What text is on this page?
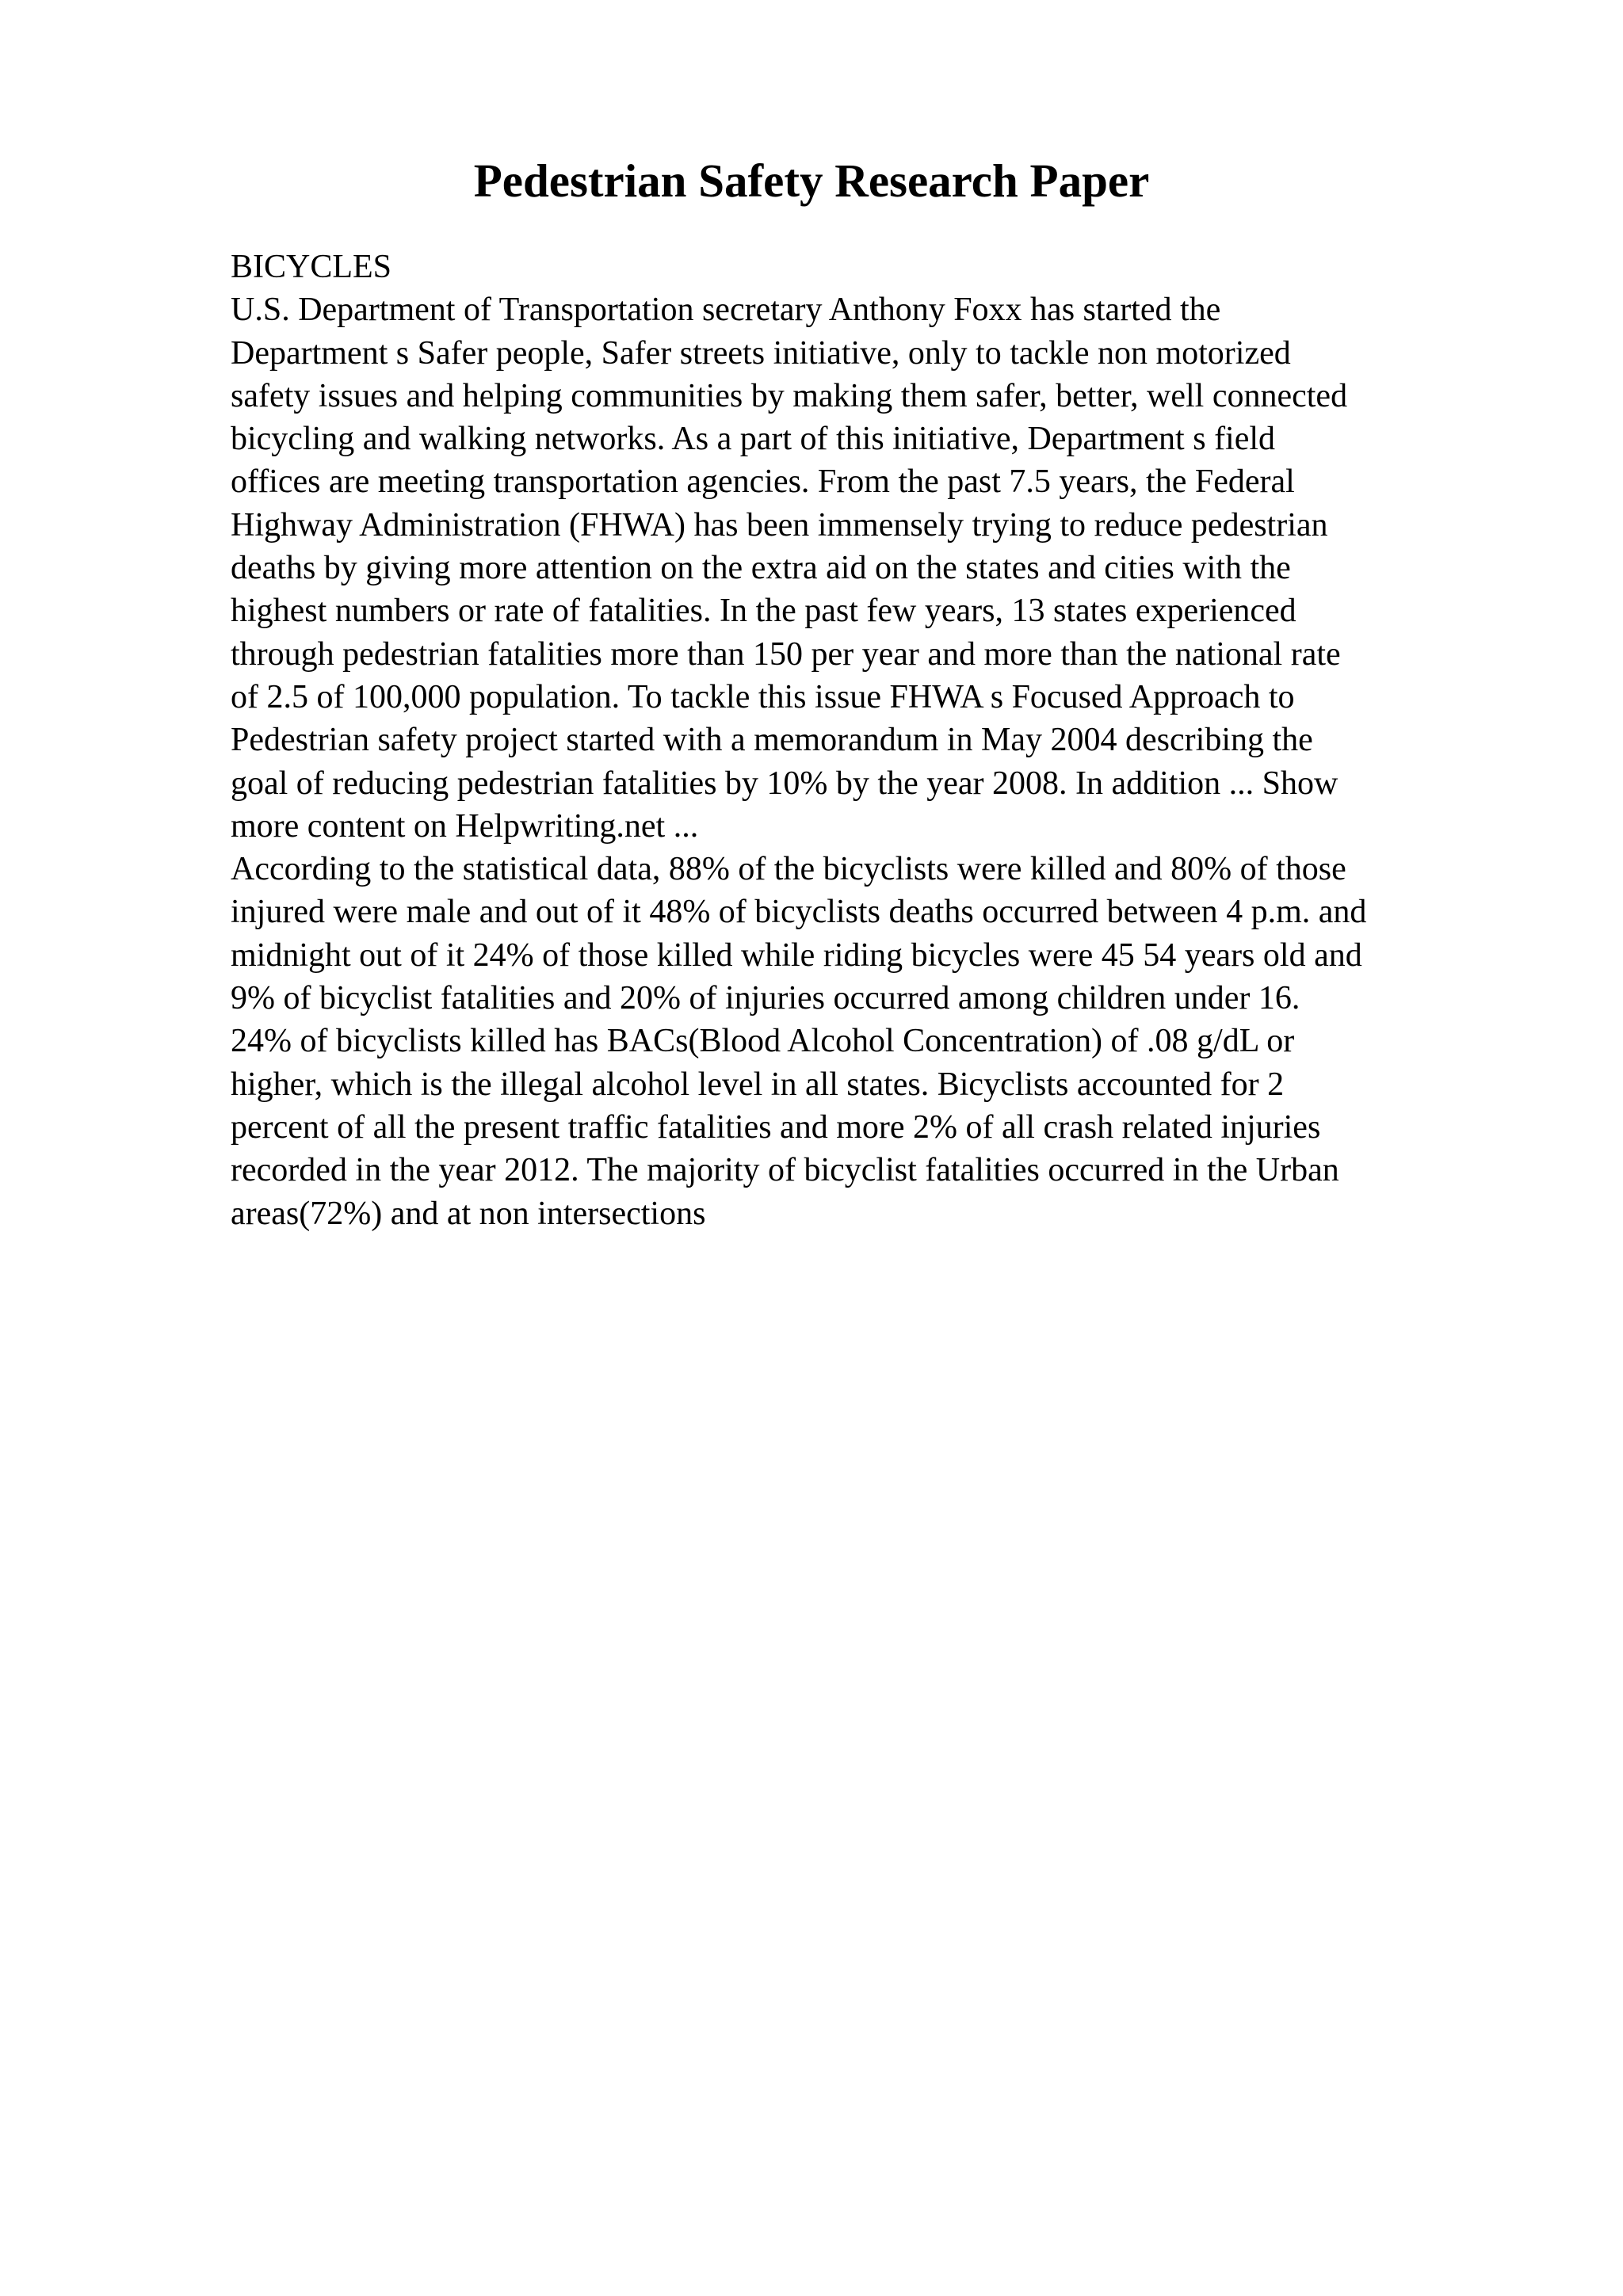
Pedestrian Safety Research Paper
BICYCLES
U.S. Department of Transportation secretary Anthony Foxx has started the
Department s Safer people, Safer streets initiative, only to tackle non motorized
safety issues and helping communities by making them safer, better, well connected
bicycling and walking networks. As a part of this initiative, Department s field
offices are meeting transportation agencies. From the past 7.5 years, the Federal
Highway Administration (FHWA) has been immensely trying to reduce pedestrian
deaths by giving more attention on the extra aid on the states and cities with the
highest numbers or rate of fatalities. In the past few years, 13 states experienced
through pedestrian fatalities more than 150 per year and more than the national rate
of 2.5 of 100,000 population. To tackle this issue FHWA s Focused Approach to
Pedestrian safety project started with a memorandum in May 2004 describing the
goal of reducing pedestrian fatalities by 10% by the year 2008. In addition ... Show
more content on Helpwriting.net ...
According to the statistical data, 88% of the bicyclists were killed and 80% of those
injured were male and out of it 48% of bicyclists deaths occurred between 4 p.m. and
midnight out of it 24% of those killed while riding bicycles were 45 54 years old and
9% of bicyclist fatalities and 20% of injuries occurred among children under 16.
24% of bicyclists killed has BACs(Blood Alcohol Concentration) of .08 g/dL or
higher, which is the illegal alcohol level in all states. Bicyclists accounted for 2
percent of all the present traffic fatalities and more 2% of all crash related injuries
recorded in the year 2012. The majority of bicyclist fatalities occurred in the Urban
areas(72%) and at non intersections
